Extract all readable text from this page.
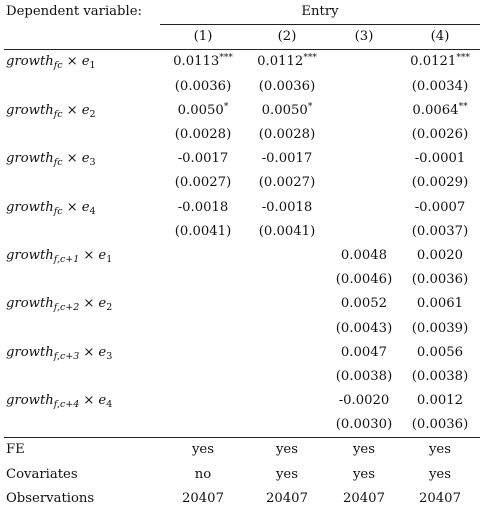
Dependent variable:	Entry			
	(1)	(2)	(3)	(4)
growth$_{fc}$ × $e_1$	0.0113***	0.0112***		0.0121***
	(0.0036)	(0.0036)		(0.0034)
growth$_{fc}$ × $e_2$	0.0050*	0.0050*		0.0064**
	(0.0028)	(0.0028)		(0.0026)
growth$_{fc}$ × $e_3$	-0.0017	-0.0017		-0.0001
	(0.0027)	(0.0027)		(0.0029)
growth$_{fc}$ × $e_4$	-0.0018	-0.0018		-0.0007
	(0.0041)	(0.0041)		(0.0037)
growth$_{f,c+1}$ × $e_1$			0.0048	0.0020
			(0.0046)	(0.0036)
growth$_{f,c+2}$ × $e_2$			0.0052	0.0061
			(0.0043)	(0.0039)
growth$_{f,c+3}$ × $e_3$			0.0047	0.0056
			(0.0038)	(0.0038)
growth$_{f,c+4}$ × $e_4$			-0.0020	0.0012
			(0.0030)	(0.0036)
FE	yes	yes	yes	yes
Covariates	no	yes	yes	yes
Observations	20407	20407	20407	20407
